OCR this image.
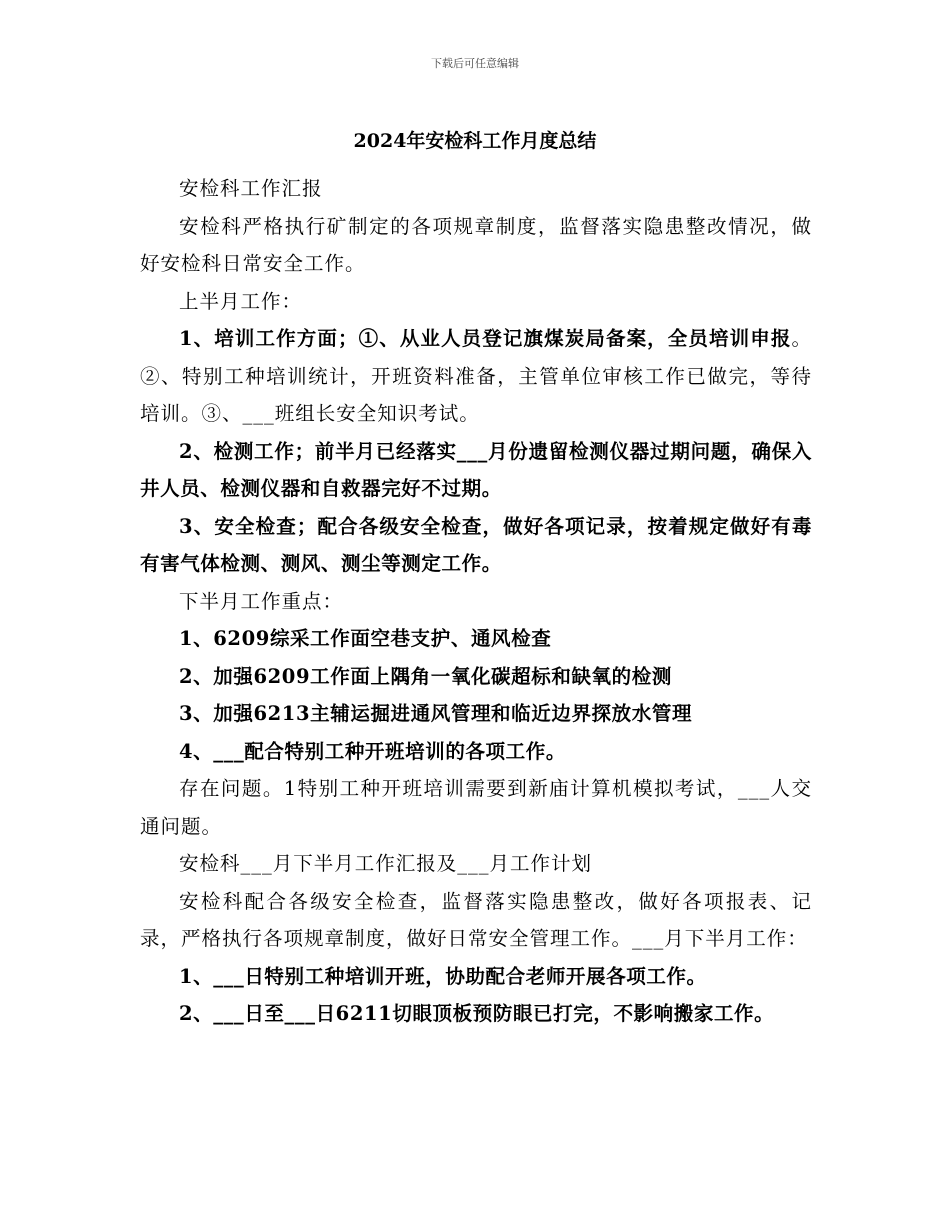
下载后可任意编辑
2024年安检科工作月度总结

安检科工作汇报

安检科严格执行矿制定的各项规章制度，监督落实隐患整改情况，做好安检科日常安全工作。

上半月工作：

1、培训工作方面；①、从业人员登记旗煤炭局备案，全员培训申报。②、特别工种培训统计，开班资料准备，主管单位审核工作已做完，等待培训。③、___班组长安全知识考试。

2、检测工作；前半月已经落实___月份遗留检测仪器过期问题，确保入井人员、检测仪器和自救器完好不过期。

3、安全检查；配合各级安全检查，做好各项记录，按着规定做好有毒有害气体检测、测风、测尘等测定工作。

下半月工作重点：

1、6209综采工作面空巷支护、通风检查

2、加强6209工作面上隅角一氧化碳超标和缺氧的检测

3、加强6213主辅运掘进通风管理和临近边界探放水管理

4、___配合特别工种开班培训的各项工作。

存在问题。1特别工种开班培训需要到新庙计算机模拟考试，___人交通问题。

安检科___月下半月工作汇报及___月工作计划

安检科配合各级安全检查，监督落实隐患整改，做好各项报表、记录，严格执行各项规章制度，做好日常安全管理工作。___月下半月工作：

1、___日特别工种培训开班，协助配合老师开展各项工作。

2、___日至___日6211切眼顶板预防眼已打完，不影响搬家工作。
